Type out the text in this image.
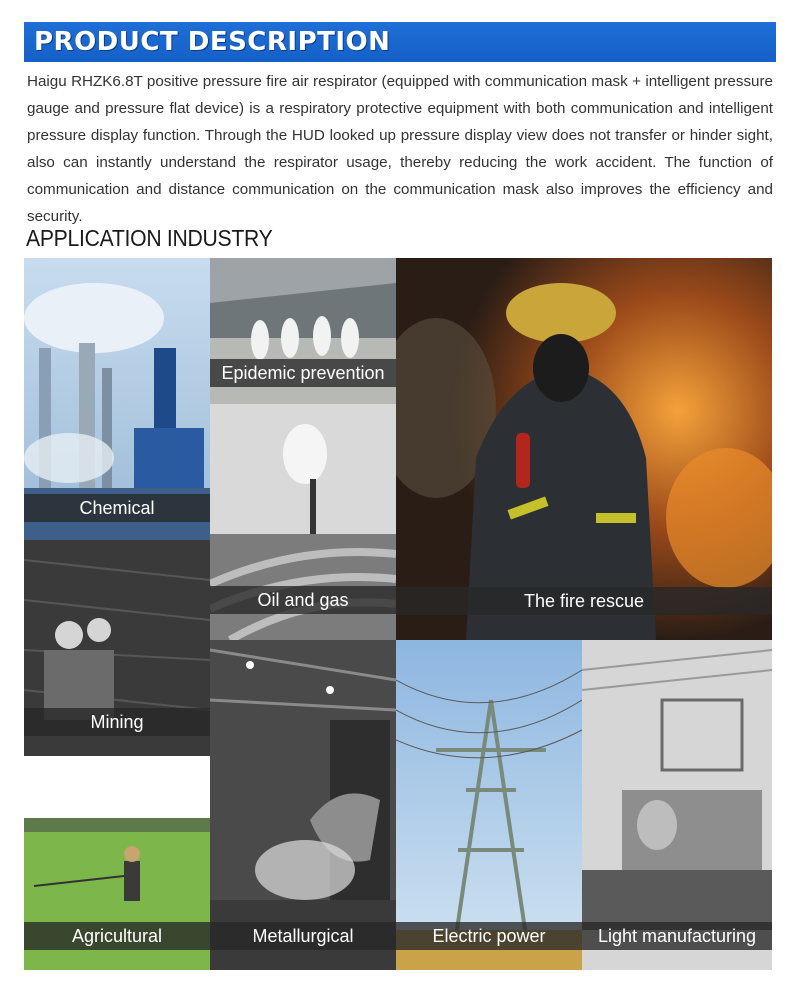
PRODUCT DESCRIPTION

Haigu RHZK6.8T positive pressure fire air respirator (equipped with communication mask + intelligent pressure gauge and pressure flat device) is a respiratory protective equipment with both communication and intelligent pressure display function. Through the HUD looked up pressure display view does not transfer or hinder sight, also can instantly understand the respirator usage, thereby reducing the work accident. The function of communication and distance communication on the communication mask also improves the efficiency and security.

APPLICATION INDUSTRY
Chemical
Epidemic prevention
Oil and gas	The fire rescue
Mining
Agricultural	Metallurgical	Electric power	Light manufacturing
